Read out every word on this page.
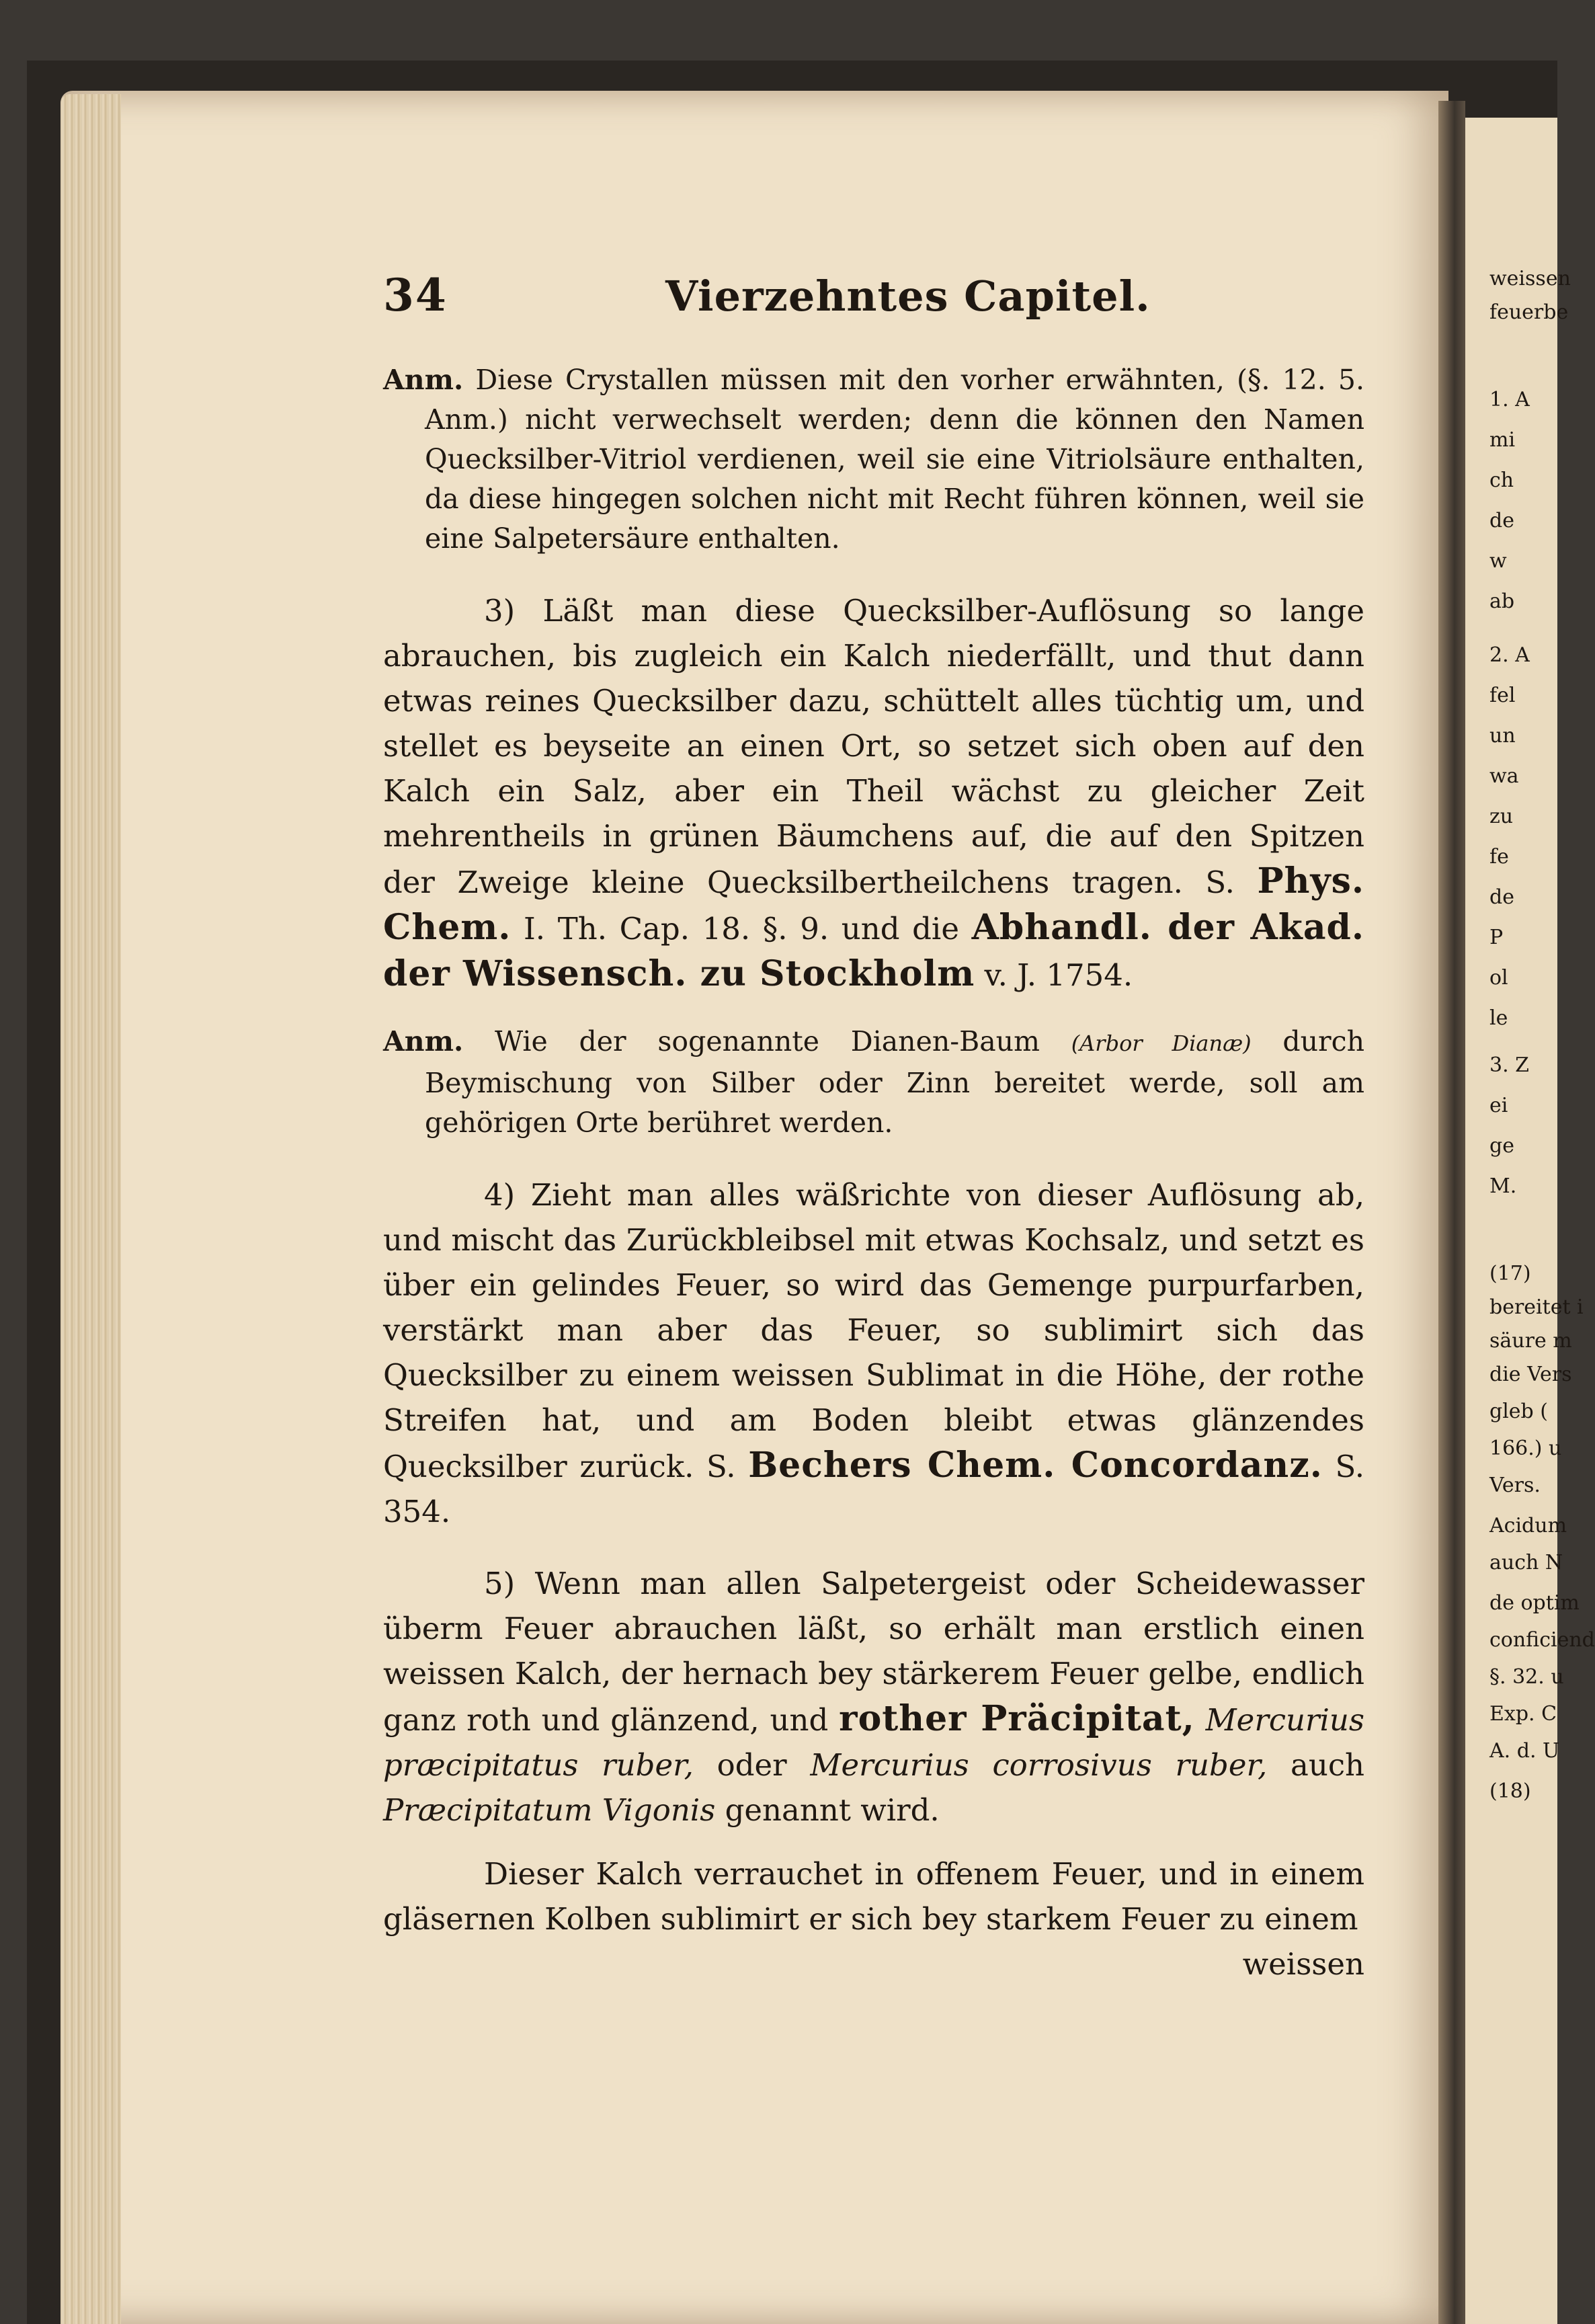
weissen
feuerbe
1. A
mi
ch
de
w
ab
2. A
fel
un
wa
zu
fe
de
P
ol
le
3. Z
ei
ge
M.
(17)
bereitet i
säure m
die Vers
gleb (
166.) u
Vers.
Acidum
auch N
de optim
conficiend
§. 32. u
Exp. C
A. d. U
(18)
34	Vierzehntes Capitel.

Anm. Diese Crystallen müssen mit den vorher erwähnten, (§. 12. 5. Anm.) nicht verwechselt werden; denn die können den Namen Quecksilber-Vitriol verdienen, weil sie eine Vitriolsäure enthalten, da diese hingegen solchen nicht mit Recht führen können, weil sie eine Salpetersäure enthalten.

3) Läßt man diese Quecksilber-Auflösung so lange abrauchen, bis zugleich ein Kalch niederfällt, und thut dann etwas reines Quecksilber dazu, schüttelt alles tüchtig um, und stellet es beyseite an einen Ort, so setzet sich oben auf den Kalch ein Salz, aber ein Theil wächst zu gleicher Zeit mehrentheils in grünen Bäumchens auf, die auf den Spitzen der Zweige kleine Quecksilbertheilchens tragen. S. Phys. Chem. I. Th. Cap. 18. §. 9. und die Abhandl. der Akad. der Wissensch. zu Stockholm v. J. 1754.

Anm. Wie der sogenannte Dianen-Baum (Arbor Dianæ) durch Beymischung von Silber oder Zinn bereitet werde, soll am gehörigen Orte berühret werden.

4) Zieht man alles wäßrichte von dieser Auflösung ab, und mischt das Zurückbleibsel mit etwas Kochsalz, und setzt es über ein gelindes Feuer, so wird das Gemenge purpurfarben, verstärkt man aber das Feuer, so sublimirt sich das Quecksilber zu einem weissen Sublimat in die Höhe, der rothe Streifen hat, und am Boden bleibt etwas glänzendes Quecksilber zurück. S. Bechers Chem. Concordanz. S. 354.

5) Wenn man allen Salpetergeist oder Scheidewasser überm Feuer abrauchen läßt, so erhält man erstlich einen weissen Kalch, der hernach bey stärkerem Feuer gelbe, endlich ganz roth und glänzend, und rother Präcipitat, Mercurius præcipitatus ruber, oder Mercurius corrosivus ruber, auch Præcipitatum Vigonis genannt wird.

Dieser Kalch verrauchet in offenem Feuer, und in einem gläsernen Kolben sublimirt er sich bey starkem Feuer zu einem

weissen
